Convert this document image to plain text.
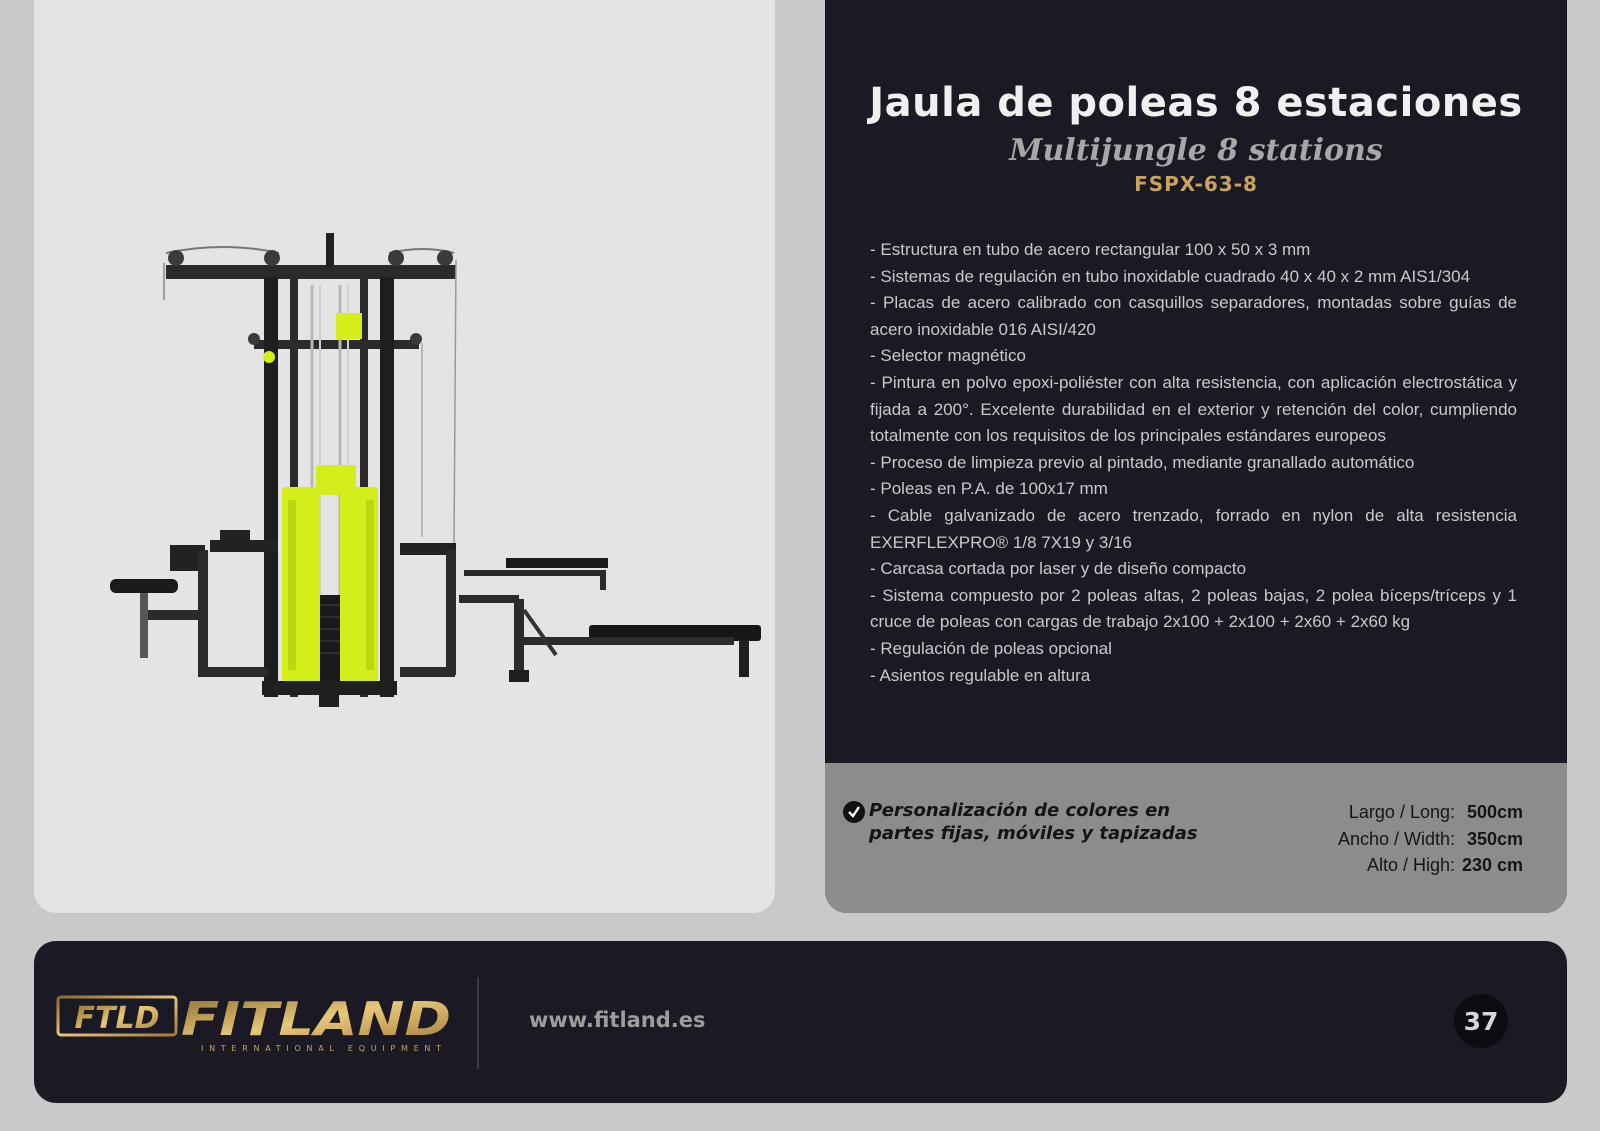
Jaula de poleas 8 estaciones
Multijungle 8 stations
FSPX-63-8
- Estructura en tubo de acero rectangular 100 x 50 x 3 mm
- Sistemas de regulación en tubo inoxidable cuadrado 40 x 40 x 2 mm AIS1/304
- Placas de acero calibrado con casquillos separadores, montadas sobre guías de acero inoxidable 016 AISI/420
- Selector magnético
- Pintura en polvo epoxi-poliéster con alta resistencia, con aplicación electrostática y fijada a 200°. Excelente durabilidad en el exterior y retención del color, cumpliendo totalmente con los requisitos de los principales estándares europeos
- Proceso de limpieza previo al pintado, mediante granallado automático
- Poleas en P.A. de 100x17 mm
- Cable galvanizado de acero trenzado, forrado en nylon de alta resistencia EXERFLEXPRO® 1/8 7X19 y 3/16
- Carcasa cortada por laser y de diseño compacto
- Sistema compuesto por 2 poleas altas, 2 poleas bajas, 2 polea bíceps/tríceps y 1 cruce de poleas con cargas de trabajo 2x100 + 2x100 + 2x60 + 2x60 kg
- Regulación de poleas opcional
- Asientos regulable en altura
Personalización de colores en
partes fijas, móviles y tapizadas
Largo / Long: 500cm
Ancho / Width: 350cm
Alto / High: 230 cm
FTLD FITLAND
INTERNATIONAL EQUIPMENT
www.fitland.es	37
